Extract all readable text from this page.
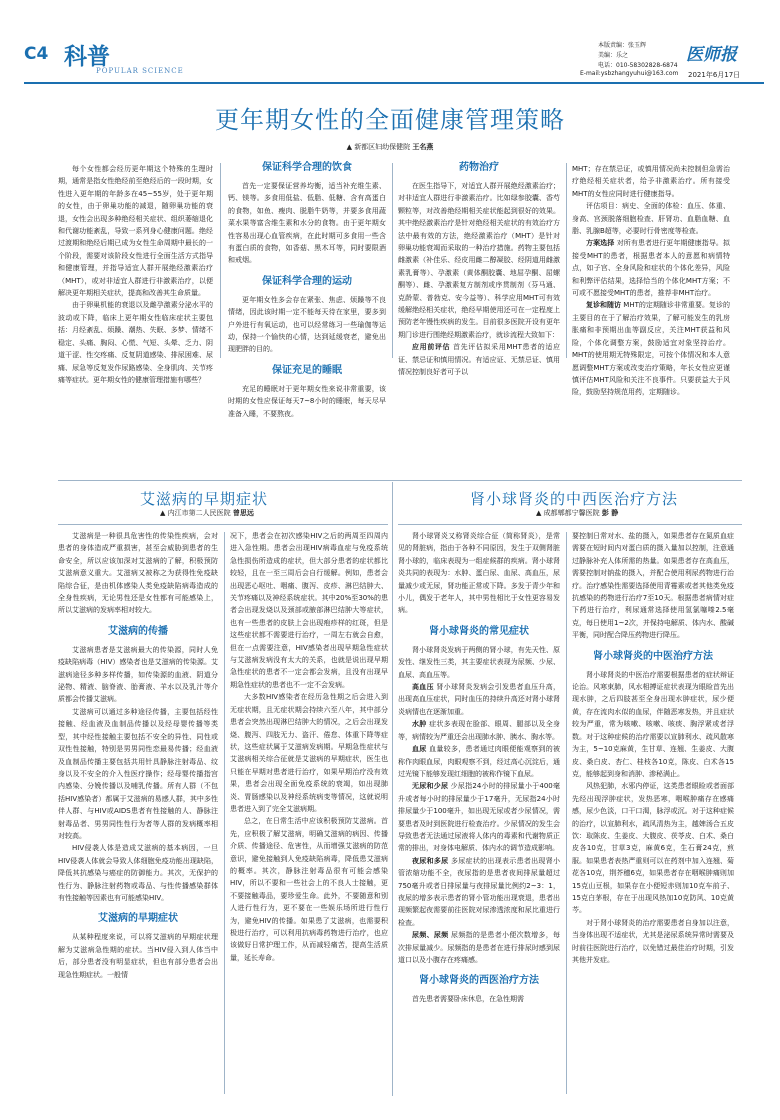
C4 科普
POPULAR SCIENCE
本版责编：张玉辉
美编：乐之
电话：010-58302828-6874
E-mail:ysbzhangyuhui@163.com
医师报
2021年6月17日
更年期女性的全面健康管理策略
▲ 新都区妇幼保健院 王名燕

每个女性都会经历更年期这个特殊的生理时期，通常是指女性绝经前至绝经后的一段时期，女性进入更年期的年龄多在45~55岁，处于更年期的女性，由于卵巢功能的减退，随卵巢功能的衰退，女性会出现多种绝经相关症状、组织萎缩退化和代谢功能紊乱，导致一系列身心健康问题。绝经过渡期和绝经后期已成为女性生命周期中最长的一个阶段，需要对该阶段女性进行全面生活方式指导和健康管理，并指导适宜人群开展绝经激素治疗（MHT），或对非适宜人群进行非激素治疗，以便解决更年期相关症状，提高和改善其生命质量。

由于卵巢机能的衰退以及雌孕激素分泌水平的波动或下降，临床上更年期女性临床症状主要包括：月经紊乱、烦躁、潮热、失眠、多梦、情绪不稳定、头痛、胸闷、心慌、气短、头晕、乏力、阴道干涩、性交疼痛、反复阴道感染、排尿困难、尿痛、尿急等反复发作尿路感染、全身肌肉、关节疼痛等症状。更年期女性的健康管理措施有哪些？

保证科学合理的饮食

首先一定要保证营养均衡，适当补充维生素、钙、镁等。多食用低盐、低脂、低糖、含有高蛋白的食物，如鱼、瘦肉、脱脂牛奶等，并要多食用蔬菜水果等富含维生素和水分的食物。由于更年期女性容易出现心血管疾病，在此时期可多食用一些含有蛋白质的食物，如香菇、黑木耳等，同时要限酒和戒烟。

保证科学合理的运动

更年期女性多会存在紧张、焦虑、烦躁等不良情绪，因此该时期一定不能每天待在家里，要多到户外进行有氧运动，也可以经常练习一些瑜伽等运动，保持一个愉快的心情，达到延缓衰老，避免出现肥胖的目的。

保证充足的睡眠

充足的睡眠对于更年期女性来说非常重要，该时期的女性应保证每天7~8小时的睡眠，每天尽早准备入睡，不要熬夜。

药物治疗

在医生指导下，对适宜人群开展绝经激素治疗；对非适宜人群进行非激素治疗。比如绿参胶囊、香芍颗粒等，对改善绝经期相关症状能起到很好的效果。其中绝经激素治疗是针对绝经相关症状的有效治疗方法中最有效的方法，绝经激素治疗（MHT）是针对卵巢功能衰竭而采取的一种治疗措施。药物主要包括雌激素（补佳乐、经皮用雌二醇凝胶、经阴道用雌激素乳膏等）、孕激素（黄体酮胶囊、地屈孕酮、屈螺酮等）、雌、孕激素复方制剂或序贯制剂（芬马通、克龄蒙、普勃克、安今益等）、科学应用MHT可有效缓解绝经相关症状，绝经早期使用还可在一定程度上预防老年慢性疾病的发生。目前很多医院开设有更年期门诊进行围绝经期激素治疗，就诊流程大致如下：

应用前评估 首先评估拟采用MHT患者的适应证、禁忌证和慎用情况。有适应证、无禁忌证、慎用情况控制良好者可予以

MHT；存在禁忌证，或慎用情况尚未控制但急需治疗绝经相关症状者，给予非激素治疗。所有接受MHT的女性应同时进行健康指导。

评估项目：病史、全面的体检：血压、体重、身高、宫颈脱落细胞检查、肝肾功、血脂血糖、血脂、乳腺B超等，必要时行骨密度等检查。

方案选择 对所有患者进行更年期健康指导。拟接受MHT的患者，根据患者本人的意愿和病情特点，如子宫、全身风险和症状的个体化差异，风险和利弊评估结果，选择恰当的个体化MHT方案；不可或不愿接受MHT的患者，推荐非MHT治疗。

复诊和随访 MHT的定期随诊非常重要。复诊的主要目的在于了解治疗效果，了解可能发生的乳房胀痛和非预期出血等副反应，关注MHT获益和风险，个体化调整方案，鼓励适宜对象坚持治疗。MHT的使用期无特殊限定，可按个体情况和本人意愿调整MHT方案或改变治疗策略，年长女性应更谨慎评估MHT风险和关注不良事件。只要获益大于风险，鼓励坚持规范用药，定期随诊。

艾滋病的早期症状
▲ 内江市第二人民医院 曾思远

艾滋病是一种很具危害性的传染性疾病，会对患者的身体造成严重损害，甚至会威胁到患者的生命安全，所以应该加深对艾滋病的了解，积极预防艾滋病意义重大。艾滋病又被称之为获得性免疫缺陷综合征，是由机体感染人类免疫缺陷病毒造成的全身性疾病，无论男性还是女性都有可能感染上，所以艾滋病的发病率相对较大。

艾滋病的传播

艾滋病患者是艾滋病最大的传染源，同时人免疫缺陷病毒（HIV）感染者也是艾滋病的传染源。艾滋病途径多种多样传播，如传染源的血液、阴道分泌物、精液、脑脊液、胎膏液、羊水以及乳汁等介质都会传播艾滋病。

艾滋病可以通过多种途径传播，主要包括经性接触、经血液及血制品传播以及经母婴传播等类型，其中经性接触主要包括不安全的异性、同性或双性性接触，特别是男男同性恋最易传播；经血液及血制品传播主要包括共用针具静脉注射毒品、纹身以及不安全的介入性医疗操作；经母婴传播指宫内感染、分娩传播以及哺乳传播。所有人群（不包括HIV感染者）都属于艾滋病的易感人群，其中多性伴人群、与HIV或AIDS患者有性接触的人、静脉注射毒品者、男男同性性行为者等人群的发病概率相对较高。

HIV侵袭人体是造成艾滋病的基本病因，一旦HIV侵袭人体就会导致人体细胞免疫功能出现缺陷，降低其抗感染与癌症的防御能力。其次，无保护的性行为、静脉注射药物或毒品、与性传播感染群体有性接触等因素也有可能感染HIV。

艾滋病的早期症状

从某种程度来说，可以将艾滋病的早期症状理解为艾滋病急性期的症状。当HIV侵入到人体当中后，部分患者没有明显症状，但也有部分患者会出现急性期症状。一般情

况下，患者会在初次感染HIV之后的两周至四周内进入急性期。患者会出现HIV病毒血症与免疫系统急性损伤所造成的症状，但大部分患者的症状都比较轻，且在一至三周后会自行缓解。例如，患者会出现恶心呕吐、咽痛、腹泻、皮疹、淋巴结肿大、关节疼痛以及神经系统症状。其中20%至30%的患者会出现发烧以及颈部或腋部淋巴结肿大等症状，也有一些患者的皮肤上会出现疱疹样的红斑，但是这些症状都不需要进行治疗，一周左右就会自愈，但在一点需要注意，HIV感染者出现早期急性症状与艾滋病发病没有太大的关系，也就是说出现早期急性症状的患者不一定会都会发病，且没有出现早期急性症状的患者也不一定不会发病。

大多数HIV感染者在经历急性期之后会进入到无症状期，且无症状期会持续六至八年，其中部分患者会突然出现淋巴结肿大的情况，之后会出现发烧、腹泻、四肢无力、盗汗、倦怠、体重下降等症状，这些症状属于艾滋病发病期。早期急性症状与艾滋病相关综合征就是艾滋病的早期症状，医生也只能在早期对患者进行治疗，如果早期治疗没有效果，患者会出现全面免疫系统的衰竭，如出现肺炎、胃肠感染以及神经系统病变等情况，这就说明患者进入到了完全艾滋病期。

总之，在日常生活中应该积极预防艾滋病。首先，应积极了解艾滋病，明确艾滋病的病因、传播介质、传播途径、危害性，从而增强艾滋病的防范意识，避免接触到人免疫缺陷病毒，降低患艾滋病的概率。其次，静脉注射毒品很有可能会感染HIV，所以不要和一些社会上的不良人士接触，更不要接触毒品，要珍爱生命。此外，不要随意和别人进行性行为，更不要在一些娱乐场所进行性行为，避免HIV的传播。如果患了艾滋病，也需要积极进行治疗，可以利用抗病毒药物进行治疗，也应该做好日常护理工作，从而减轻痛苦，提高生活质量，延长寿命。

肾小球肾炎的中西医治疗方法
▲ 成都郫都宁馨医院 彭 静

肾小球肾炎又称肾炎综合征（简称肾炎），是常见的肾脏病，指由于各种不同原因，发生于双侧肾脏肾小球的，临床表现为一组症候群的疾病。肾小球肾炎共同的表现为：水肿、蛋白尿、血尿、高血压，尿量减少或无尿，肾功能正常或下降。多发于青少年和小儿，偶发于老年人，其中男性相比于女性更容易发病。

肾小球肾炎的常见症状

肾小球肾炎发病于两侧的肾小球，有先天性、原发性、继发性三类，其主要症状表现为尿频、少尿、血尿、高血压等。

高血压 肾小球肾炎发病会引发患者血压升高，出现高血压症状，同时血压的持续升高还对肾小球肾炎病情也在逐渐加重。

水肿 症状多表现在脸部、眼周、腿部以及全身等，病情较为严重还会出现肺水肿、胰水、胸水等。

血尿 血量较多，患者通过肉眼便能观察到的被称作肉眼血尿，肉眼观察不到，经过高心沉淀后，通过光镜下能够发现红细胞的被称作镜下血尿。

无尿和少尿 少尿指24小时的排尿量小于400毫升或者每小时的排尿量少于17毫升，无尿指24小时排尿量少于100毫升，如出现无尿或者少尿情况，需要患者及时到医院进行检查治疗。少尿情况的发生会导致患者无法通过尿液将人体内的毒素和代谢物质正常的排出，对身体电解质、体内水的调节造成影响。

夜尿和多尿 多尿症状的出现表示患者出现肾小管浓缩功能不全，夜尿指的是患者夜间排尿量超过750毫升或者日排尿量与夜排尿量比例约2~3：1，夜尿的增多表示患者的肾小管功能出现衰退，患者出现频繁起夜需要前往医院对尿渗透浓度和尿比重进行检查。

尿频、尿频 尿频指的是患者小便次数增多，每次排尿量减少。尿频指的是患者在进行排尿时感到尿道口以及小腹存在疼痛感。

肾小球肾炎的西医治疗方法

首先患者需要卧床休息，在急性期需

要控制日常对水、盐的摄入，如果患者存在氮质血症需要在短时间内对蛋白质的摄入量加以控制，注意通过静脉补充人体所需的热量。如果患者存在高血压，需要控制对钠盐的摄入，并配合使用利尿药物进行治疗。治疗感染性需要选择使用青霉素或者其他类免疫抗感染的药物进行治疗7至10天。根据患者病情对症下药进行治疗，利尿通常选择使用氢氯噻嗪2.5毫克，每日使用1~2次，并保持电解质、体内水、酸碱平衡，同时配合降压药物进行降压。

肾小球肾炎的中医治疗方法

肾小球肾炎的中医治疗需要根据患者的症状辩证论治。风寒束肺，风水相搏证症状表现为眼睑首先出现水肿，之后四肢甚至全身出现水肿症状，尿少便黄，存在流肉水似的血尿，伴随恶寒发热，并且症状较为严重，常为咳嗽、咳嗽、咳痰、胸浮紧或者浮数。对于这种症候的治疗需要以宣肺利水、疏风散寒为主，5~10克麻黄，生甘草、连翘、生姜皮、大腹皮、桑白皮、杏仁、桂枝各10克，陈皮、白术各15克，能够起到身和消肿、渗秘满止。

风热犯肺，水邪内停证，这类患者眼睑或者面部先经出现浮肿症状，发热恶寒，咽喉肿痛存在感痛感，尿少色淡，口干口渴，脉浮或沉。对于这种症候的治疗，以宣肺利水，疏风清热为主，越婢汤合五皮饮：取陈皮、生姜皮、大腹皮、茯苓皮、白术、桑白皮各10克，甘草3克，麻黄6克，生石膏24克，煎服。如果患者表热严重则可以在药剂中加入连翘、菊花各10克，荆芥穗6克，如果患者存在咽喉肿痛则加15克山豆根，如果存在小便短赤则加10克车前子、15克白茅根，存在于出现风热加10克防风、10克黄芩。

对于肾小球肾炎的治疗需要患者自身加以注意，当身体出现不适症状，尤其是泌尿系统异常时需要及时前往医院进行治疗，以免错过最佳治疗时期，引发其他并发症。
